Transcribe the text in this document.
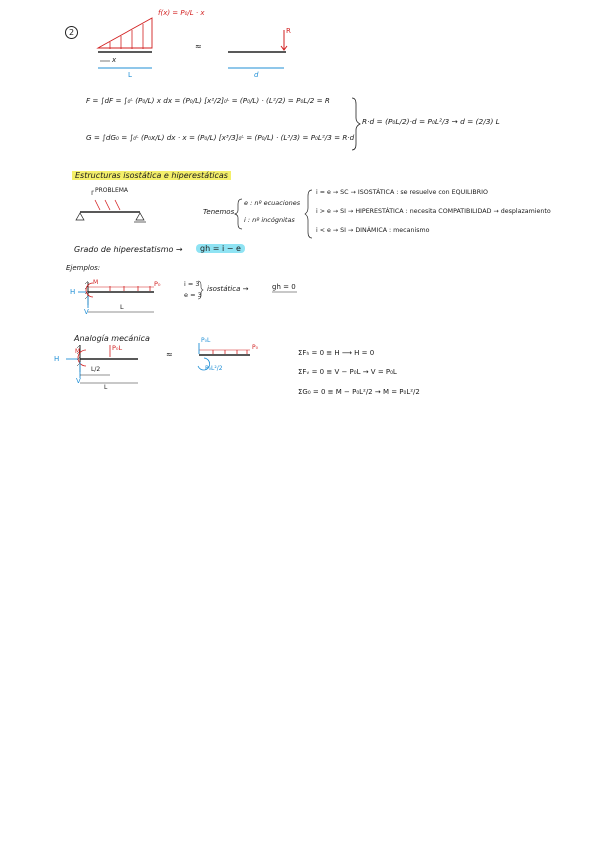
2
f(x) = P₀/L · x
x
L
≈
R
d
F = ∫dF = ∫₀ᴸ (P₀/L) x dx = (P₀/L) [x²/2]₀ᴸ = (P₀/L) · (L²/2) = P₀L/2 = R
G = ∫dG₀ = ∫₀ᴸ (P₀x/L) dx · x = (P₀/L) [x³/3]₀ᴸ = (P₀/L) · (L³/3) = P₀L²/3 = R·d
R·d = (P₀L/2)·d = P₀L²/3 → d = (2/3) L
Estructuras isostática e hiperestáticas
PROBLEMA
Tenemos
e : nº ecuaciones
i : nº incógnitas
i = e → SC → ISOSTÁTICA : se resuelve con EQUILIBRIO
i > e → SI → HIPERESTÁTICA : necesita COMPATIBILIDAD → desplazamiento
i < e → SI → DINÁMICA : mecanismo
Grado de hiperestatismo →	gh = i − e
Ejemplos:
H
V
M	P₀
L
i = 3
e = 3
isostática →	gh = 0
Analogía mecánica
H
V
M	P₀L
L/2
L
≈
P₀L
P₀L²/2
P₀
ΣFₕ = 0 ≡ H ⟶ H = 0
ΣFᵥ = 0 ≡ V − P₀L → V = P₀L
ΣG₀ = 0 ≡ M − P₀L²/2 → M = P₀L²/2
